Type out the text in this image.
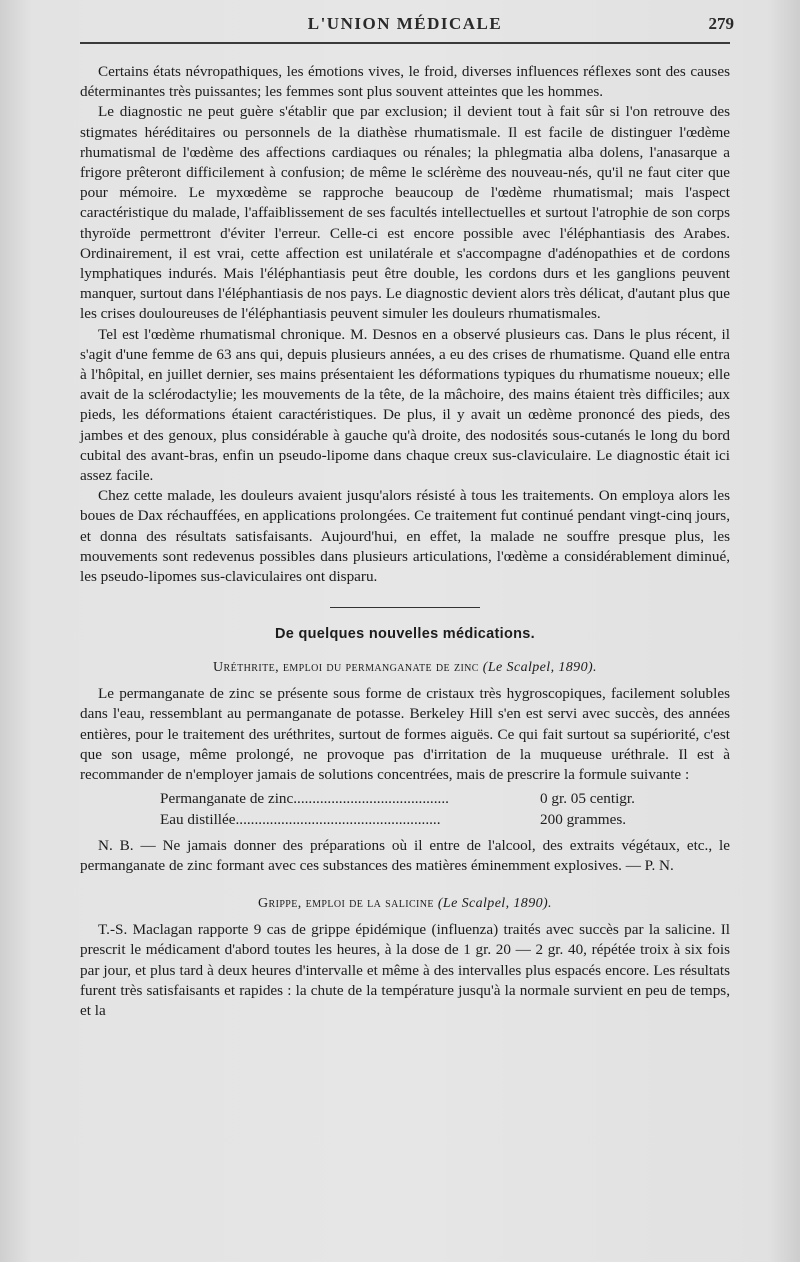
L'UNION MÉDICALE	279

Certains états névropathiques, les émotions vives, le froid, diverses influences réflexes sont des causes déterminantes très puissantes; les femmes sont plus souvent atteintes que les hommes.

Le diagnostic ne peut guère s'établir que par exclusion; il devient tout à fait sûr si l'on retrouve des stigmates héréditaires ou personnels de la diathèse rhumatismale. Il est facile de distinguer l'œdème rhumatismal de l'œdème des affections cardiaques ou rénales; la phlegmatia alba dolens, l'anasarque a frigore prêteront difficilement à confusion; de même le sclérème des nouveau-nés, qu'il ne faut citer que pour mémoire. Le myxœdème se rapproche beaucoup de l'œdème rhumatismal; mais l'aspect caractéristique du malade, l'affaiblissement de ses facultés intellectuelles et surtout l'atrophie de son corps thyroïde permettront d'éviter l'erreur. Celle-ci est encore possible avec l'éléphantiasis des Arabes. Ordinairement, il est vrai, cette affection est unilatérale et s'accompagne d'adénopathies et de cordons lymphatiques indurés. Mais l'éléphantiasis peut être double, les cordons durs et les ganglions peuvent manquer, surtout dans l'éléphantiasis de nos pays. Le diagnostic devient alors très délicat, d'autant plus que les crises douloureuses de l'éléphantiasis peuvent simuler les douleurs rhumatismales.

Tel est l'œdème rhumatismal chronique. M. Desnos en a observé plusieurs cas. Dans le plus récent, il s'agit d'une femme de 63 ans qui, depuis plusieurs années, a eu des crises de rhumatisme. Quand elle entra à l'hôpital, en juillet dernier, ses mains présentaient les déformations typiques du rhumatisme noueux; elle avait de la sclérodactylie; les mouvements de la tête, de la mâchoire, des mains étaient très difficiles; aux pieds, les déformations étaient caractéristiques. De plus, il y avait un œdème prononcé des pieds, des jambes et des genoux, plus considérable à gauche qu'à droite, des nodosités sous-cutanés le long du bord cubital des avant-bras, enfin un pseudo-lipome dans chaque creux sus-claviculaire. Le diagnostic était ici assez facile.

Chez cette malade, les douleurs avaient jusqu'alors résisté à tous les traitements. On employa alors les boues de Dax réchauffées, en applications prolongées. Ce traitement fut continué pendant vingt-cinq jours, et donna des résultats satisfaisants. Aujourd'hui, en effet, la malade ne souffre presque plus, les mouvements sont redevenus possibles dans plusieurs articulations, l'œdème a considérablement diminué, les pseudo-lipomes sus-claviculaires ont disparu.

De quelques nouvelles médications.
Uréthrite, emploi du permanganate de zinc (Le Scalpel, 1890).

Le permanganate de zinc se présente sous forme de cristaux très hygroscopiques, facilement solubles dans l'eau, ressemblant au permanganate de potasse. Berkeley Hill s'en est servi avec succès, des années entières, pour le traitement des uréthrites, surtout de formes aiguës. Ce qui fait surtout sa supériorité, c'est que son usage, même prolongé, ne provoque pas d'irritation de la muqueuse uréthrale. Il est à recommander de n'employer jamais de solutions concentrées, mais de prescrire la formule suivante :

Permanganate de zinc.........................................	0 gr. 05 centigr.
Eau distillée......................................................	200 grammes.

N. B. — Ne jamais donner des préparations où il entre de l'alcool, des extraits végétaux, etc., le permanganate de zinc formant avec ces substances des matières éminemment explosives. — P. N.

Grippe, emploi de la salicine (Le Scalpel, 1890).

T.-S. Maclagan rapporte 9 cas de grippe épidémique (influenza) traités avec succès par la salicine. Il prescrit le médicament d'abord toutes les heures, à la dose de 1 gr. 20 — 2 gr. 40, répétée troix à six fois par jour, et plus tard à deux heures d'intervalle et même à des intervalles plus espacés encore. Les résultats furent très satisfaisants et rapides : la chute de la température jusqu'à la normale survient en peu de temps, et la
